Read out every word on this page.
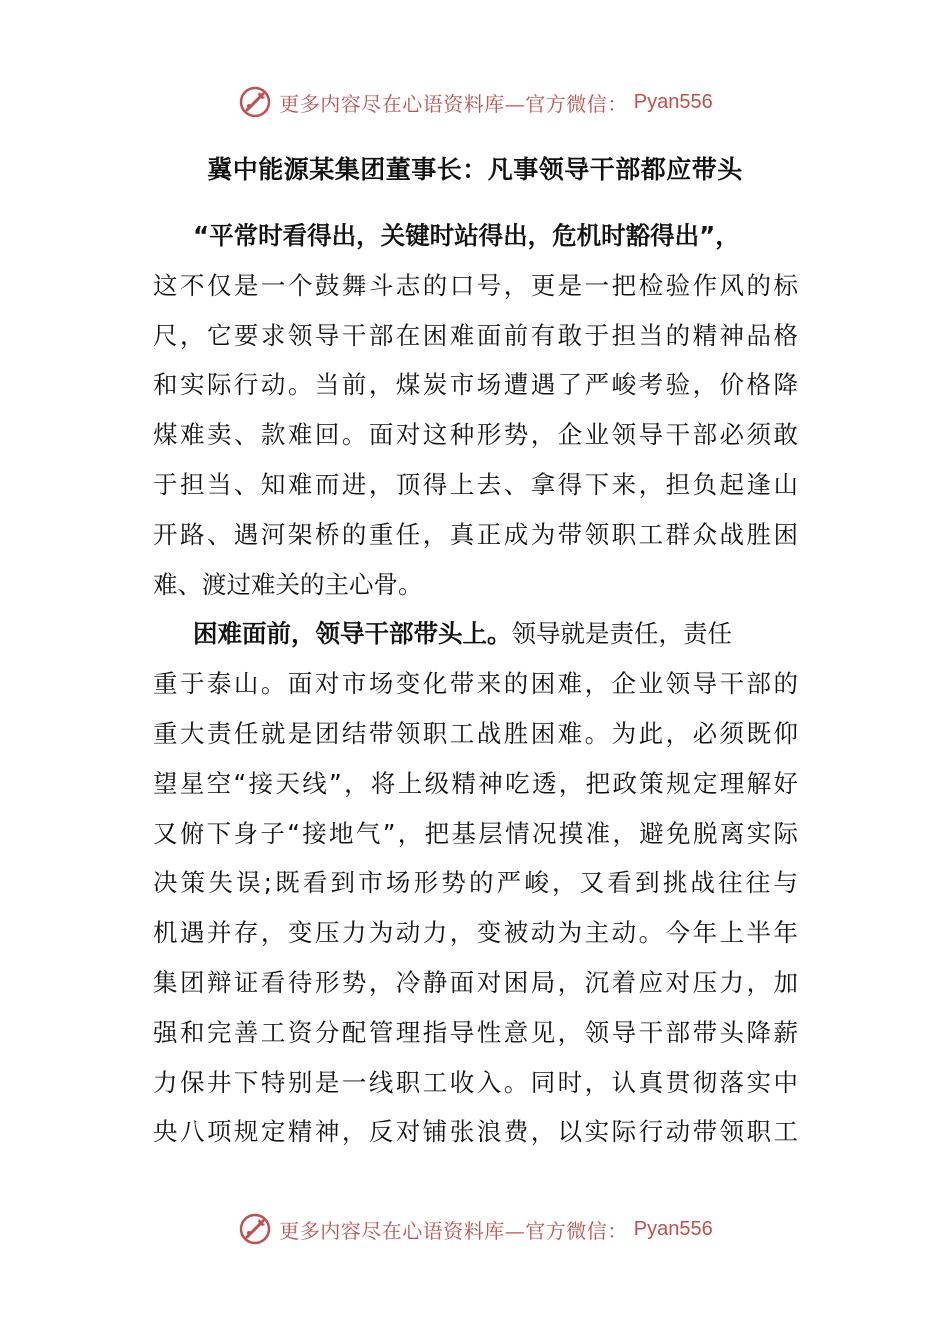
更多内容尽在心语资料库—官方微信： Pyan556
冀中能源某集团董事长：凡事领导干部都应带头
“平常时看得出，关键时站得出，危机时豁得出”，
这不仅是一个鼓舞斗志的口号，更是一把检验作风的标
尺，它要求领导干部在困难面前有敢于担当的精神品格
和实际行动。当前，煤炭市场遭遇了严峻考验，价格降
煤难卖、款难回。面对这种形势，企业领导干部必须敢
于担当、知难而进，顶得上去、拿得下来，担负起逢山
开路、遇河架桥的重任，真正成为带领职工群众战胜困
难、渡过难关的主心骨。
困难面前，领导干部带头上。领导就是责任，责任
重于泰山。面对市场变化带来的困难，企业领导干部的
重大责任就是团结带领职工战胜困难。为此，必须既仰
望星空“接天线”，将上级精神吃透，把政策规定理解好
又俯下身子“接地气”，把基层情况摸准，避免脱离实际
决策失误;既看到市场形势的严峻，又看到挑战往往与
机遇并存，变压力为动力，变被动为主动。今年上半年
集团辩证看待形势，冷静面对困局，沉着应对压力，加
强和完善工资分配管理指导性意见，领导干部带头降薪
力保井下特别是一线职工收入。同时，认真贯彻落实中
央八项规定精神，反对铺张浪费，以实际行动带领职工
更多内容尽在心语资料库—官方微信： Pyan556
